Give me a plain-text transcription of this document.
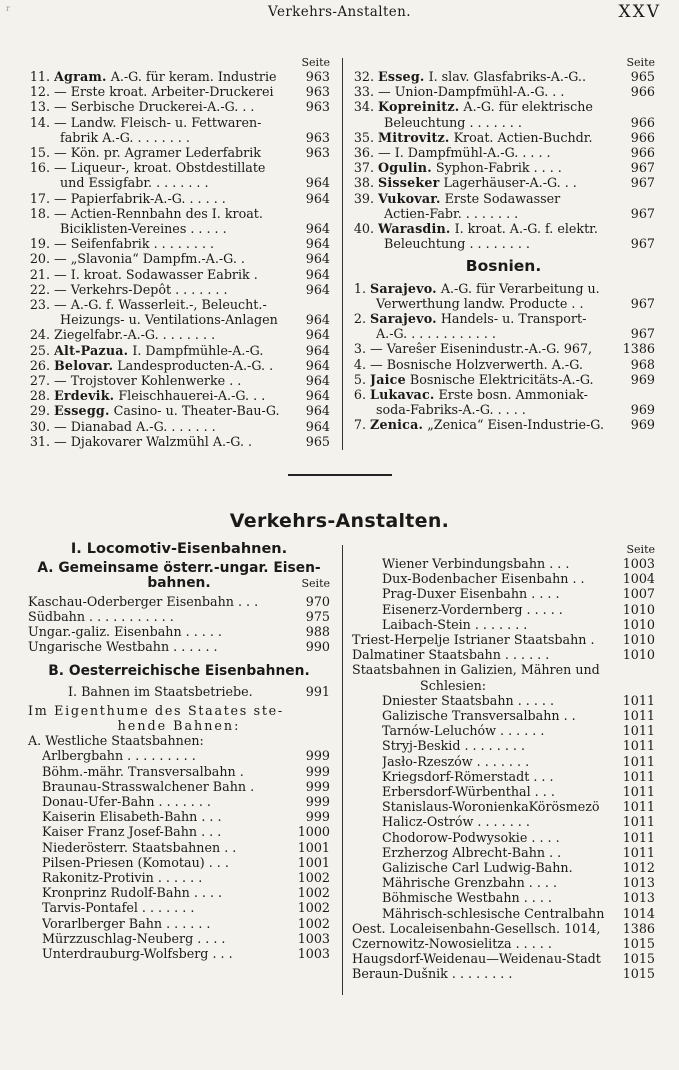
r	Verkehrs-Anstalten.	XXV
Seite
11. Agram. A.-G. für keram. Industrie	963
12. — Erste kroat. Arbeiter-Druckerei	963
13. — Serbische Druckerei-A.-G. . .	963
14. — Landw. Fleisch- u. Fettwaren-
fabrik A.-G. . . . . . . .	963
15. — Kön. pr. Agramer Lederfabrik	963
16. — Liqueur-, kroat. Obstdestillate
und Essigfabr. . . . . . . .	964
17. — Papierfabrik-A.-G. . . . . .	964
18. — Actien-Rennbahn des I. kroat.
Biciklisten-Vereines . . . . .	964
19. — Seifenfabrik . . . . . . . .	964
20. — „Slavonia“ Dampfm.-A.-G. .	964
21. — I. kroat. Sodawasser Eabrik .	964
22. — Verkehrs-Depôt . . . . . . .	964
23. — A.-G. f. Wasserleit.-, Beleucht.-
Heizungs- u. Ventilations-Anlagen	964
24. Ziegelfabr.-A.-G. . . . . . . .	964
25. Alt-Pazua. I. Dampfmühle-A.-G.	964
26. Belovar. Landesproducten-A.-G. .	964
27. — Trojstover Kohlenwerke . .	964
28. Erdevik. Fleischhauerei-A.-G. . .	964
29. Essegg. Casino- u. Theater-Bau-G.	964
30. — Dianabad A.-G. . . . . . .	964
31. — Djakovarer Walzmühl A.-G. .	965
Seite
32. Esseg. I. slav. Glasfabriks-A.-G..	965
33. — Union-Dampfmühl-A.-G. . .	966
34. Kopreinitz. A.-G. für elektrische
Beleuchtung . . . . . . .	966
35. Mitrovitz. Kroat. Actien-Buchdr.	966
36. — I. Dampfmühl-A.-G. . . . .	966
37. Ogulin. Syphon-Fabrik . . . .	967
38. Sisseker Lagerhäuser-A.-G. . .	967
39. Vukovar. Erste Sodawasser
Actien-Fabr. . . . . . . .	967
40. Warasdin. I. kroat. A.-G. f. elektr.
Beleuchtung . . . . . . . .	967
Bosnien.
1. Sarajevo. A.-G. für Verarbeitung u.
Verwerthung landw. Producte . .	967
2. Sarajevo. Handels- u. Transport-
A.-G. . . . . . . . . . . .	967
3. — Vareŝer Eisenindustr.-A.-G. 967,	1386
4. — Bosnische Holzverwerth. A.-G.	968
5. Jaice Bosnische Elektricitäts-A.-G.	969
6. Lukavac. Erste bosn. Ammoniak-
soda-Fabriks-A.-G. . . . .	969
7. Zenica. „Zenica“ Eisen-Industrie-G.	969
Verkehrs-Anstalten.
I. Locomotiv-Eisenbahnen.
A. Gemeinsame österr.-ungar. Eisen-
bahnen.	Seite
Kaschau-Oderberger Eisenbahn . . .	970
Südbahn . . . . . . . . . . .	975
Ungar.-galiz. Eisenbahn . . . . .	988
Ungarische Westbahn . . . . . .	990
B. Oesterreichische Eisenbahnen.
I. Bahnen im Staatsbetriebe.	991
Im Eigenthume des Staates ste-
hende Bahnen:
A. Westliche Staatsbahnen:
Arlbergbahn . . . . . . . . .	999
Böhm.-mähr. Transversalbahn .	999
Braunau-Strasswalchener Bahn .	999
Donau-Ufer-Bahn . . . . . . .	999
Kaiserin Elisabeth-Bahn . . .	999
Kaiser Franz Josef-Bahn . . .	1000
Niederösterr. Staatsbahnen . .	1001
Pilsen-Priesen (Komotau) . . .	1001
Rakonitz-Protivin . . . . . .	1002
Kronprinz Rudolf-Bahn . . . .	1002
Tarvis-Pontafel . . . . . . .	1002
Vorarlberger Bahn . . . . . .	1002
Mürzzuschlag-Neuberg . . . .	1003
Unterdrauburg-Wolfsberg . . .	1003
Seite
Wiener Verbindungsbahn . . .	1003
Dux-Bodenbacher Eisenbahn . .	1004
Prag-Duxer Eisenbahn . . . .	1007
Eisenerz-Vordernberg . . . . .	1010
Laibach-Stein . . . . . . .	1010
Triest-Herpelje Istrianer Staatsbahn .	1010
Dalmatiner Staatsbahn . . . . . .	1010
Staatsbahnen in Galizien, Mähren und
Schlesien:
Dniester Staatsbahn . . . . .	1011
Galizische Transversalbahn . .	1011
Tarnów-Leluchów . . . . . .	1011
Stryj-Beskid . . . . . . . .	1011
Jasło-Rzeszów . . . . . . .	1011
Kriegsdorf-Römerstadt . . .	1011
Erbersdorf-Würbenthal . . .	1011
Stanislaus-WoronienkaKörösmezö	1011
Halicz-Ostrów . . . . . . .	1011
Chodorow-Podwysokie . . . .	1011
Erzherzog Albrecht-Bahn . .	1011
Galizische Carl Ludwig-Bahn.	1012
Mährische Grenzbahn . . . .	1013
Böhmische Westbahn . . . .	1013
Mährisch-schlesische Centralbahn	1014
Oest. Localeisenbahn-Gesellsch. 1014,	1386
Czernowitz-Nowosielitza . . . . .	1015
Haugsdorf-Weidenau—Weidenau-Stadt	1015
Beraun-Dušnik . . . . . . . .	1015
